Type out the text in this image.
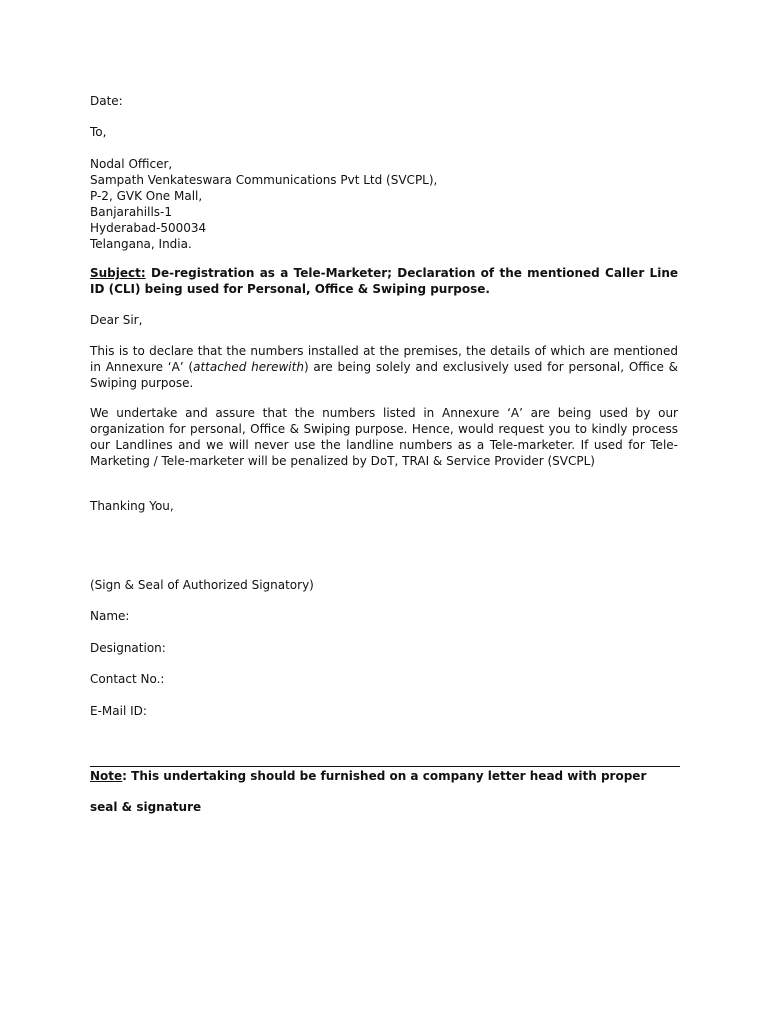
Date:
To,
Nodal Officer,
Sampath Venkateswara Communications Pvt Ltd (SVCPL),
P-2, GVK One Mall,
Banjarahills-1
Hyderabad-500034
Telangana, India.
Subject: De-registration as a Tele-Marketer; Declaration of the mentioned Caller Line ID (CLI) being used for Personal, Office & Swiping purpose.
Dear Sir,
This is to declare that the numbers installed at the premises, the details of which are mentioned in Annexure ‘A’ (attached herewith) are being solely and exclusively used for personal, Office & Swiping purpose.
We undertake and assure that the numbers listed in Annexure ‘A’ are being used by our organization for personal, Office & Swiping purpose. Hence, would request you to kindly process our Landlines and we will never use the landline numbers as a Tele-marketer. If used for Tele-Marketing / Tele-marketer will be penalized by DoT, TRAI & Service Provider (SVCPL)
Thanking You,
(Sign & Seal of Authorized Signatory)
Name:
Designation:
Contact No.:
E-Mail ID:
Note: This undertaking should be furnished on a company letter head with proper
seal & signature
